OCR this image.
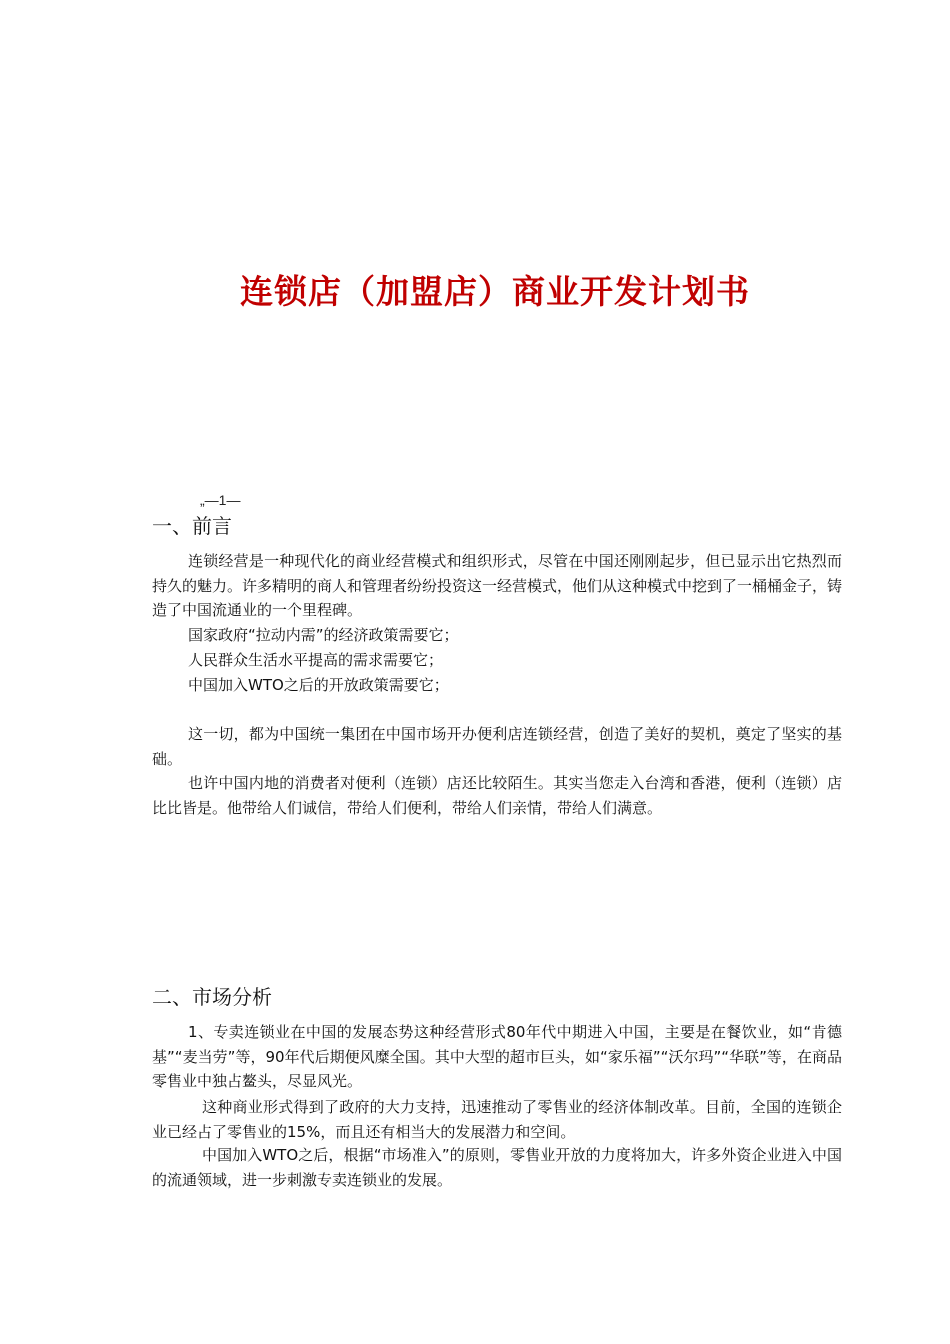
连锁店（加盟店）商业开发计划书
„—1—
一、前言
连锁经营是一种现代化的商业经营模式和组织形式，尽管在中国还刚刚起步，但已显示出它热烈而持久的魅力。许多精明的商人和管理者纷纷投资这一经营模式，他们从这种模式中挖到了一桶桶金子，铸造了中国流通业的一个里程碑。
国家政府“拉动内需”的经济政策需要它；
人民群众生活水平提高的需求需要它；
中国加入WTO之后的开放政策需要它；
这一切，都为中国统一集团在中国市场开办便利店连锁经营，创造了美好的契机，奠定了坚实的基础。
也许中国内地的消费者对便利（连锁）店还比较陌生。其实当您走入台湾和香港，便利（连锁）店比比皆是。他带给人们诚信，带给人们便利，带给人们亲情，带给人们满意。
二、市场分析
1、专卖连锁业在中国的发展态势这种经营形式80年代中期进入中国，主要是在餐饮业，如“肯德基”“麦当劳”等，90年代后期便风糜全国。其中大型的超市巨头，如“家乐福”“沃尔玛”“华联”等，在商品零售业中独占鳌头，尽显风光。
这种商业形式得到了政府的大力支持，迅速推动了零售业的经济体制改革。目前，全国的连锁企业已经占了零售业的15%，而且还有相当大的发展潜力和空间。
中国加入WTO之后，根据“市场准入”的原则，零售业开放的力度将加大，许多外资企业进入中国的流通领域，进一步刺激专卖连锁业的发展。
